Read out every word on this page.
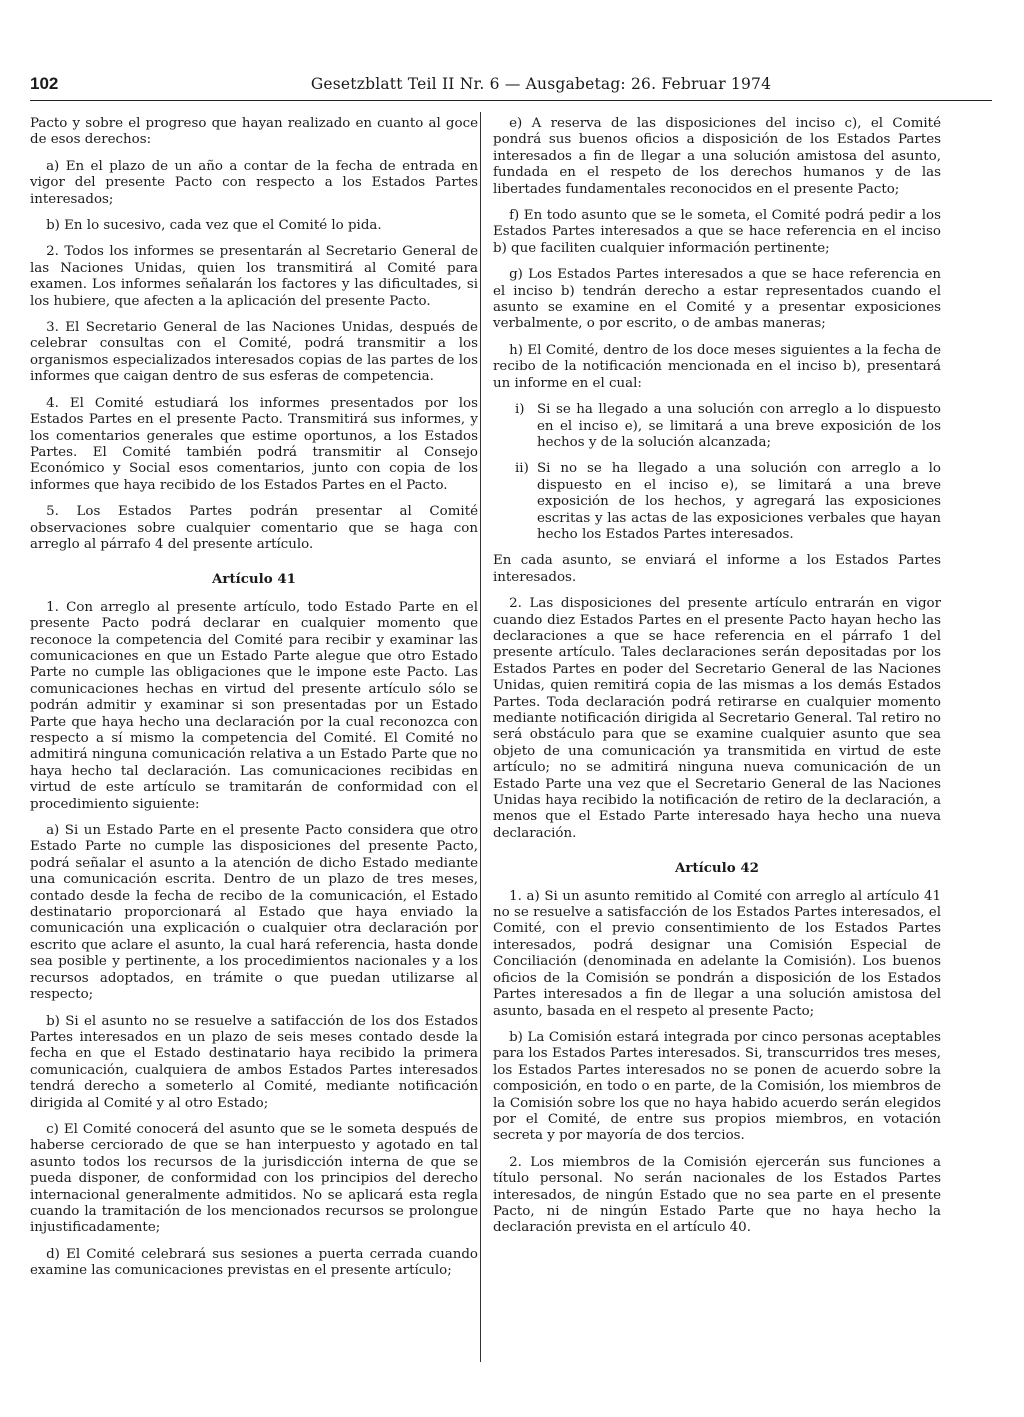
102	Gesetzblatt Teil II Nr. 6 — Ausgabetag: 26. Februar 1974

Pacto y sobre el progreso que hayan realizado en cuanto al goce de esos derechos:

a) En el plazo de un año a contar de la fecha de entrada en vigor del presente Pacto con respecto a los Estados Partes interesados;

b) En lo sucesivo, cada vez que el Comité lo pida.

2. Todos los informes se presentarán al Secretario General de las Naciones Unidas, quien los transmitirá al Comité para examen. Los informes señalarán los factores y las dificultades, si los hubiere, que afecten a la aplicación del presente Pacto.

3. El Secretario General de las Naciones Unidas, después de celebrar consultas con el Comité, podrá transmitir a los organismos especializados interesados copias de las partes de los informes que caigan dentro de sus esferas de competencia.

4. El Comité estudiará los informes presentados por los Estados Partes en el presente Pacto. Transmitirá sus informes, y los comentarios generales que estime oportunos, a los Estados Partes. El Comité también podrá transmitir al Consejo Económico y Social esos comentarios, junto con copia de los informes que haya recibido de los Estados Partes en el Pacto.

5. Los Estados Partes podrán presentar al Comité observaciones sobre cualquier comentario que se haga con arreglo al párrafo 4 del presente artículo.

Artículo 41

1. Con arreglo al presente artículo, todo Estado Parte en el presente Pacto podrá declarar en cualquier momento que reconoce la competencia del Comité para recibir y examinar las comunicaciones en que un Estado Parte alegue que otro Estado Parte no cumple las obligaciones que le impone este Pacto. Las comunicaciones hechas en virtud del presente artículo sólo se podrán admitir y examinar si son presentadas por un Estado Parte que haya hecho una declaración por la cual reconozca con respecto a sí mismo la competencia del Comité. El Comité no admitirá ninguna comunicación relativa a un Estado Parte que no haya hecho tal declaración. Las comunicaciones recibidas en virtud de este artículo se tramitarán de conformidad con el procedimiento siguiente:

a) Si un Estado Parte en el presente Pacto considera que otro Estado Parte no cumple las disposiciones del presente Pacto, podrá señalar el asunto a la atención de dicho Estado mediante una comunicación escrita. Dentro de un plazo de tres meses, contado desde la fecha de recibo de la comunicación, el Estado destinatario proporcionará al Estado que haya enviado la comunicación una explicación o cualquier otra declaración por escrito que aclare el asunto, la cual hará referencia, hasta donde sea posible y pertinente, a los procedimientos nacionales y a los recursos adoptados, en trámite o que puedan utilizarse al respecto;

b) Si el asunto no se resuelve a satifacción de los dos Estados Partes interesados en un plazo de seis meses contado desde la fecha en que el Estado destinatario haya recibido la primera comunicación, cualquiera de ambos Estados Partes interesados tendrá derecho a someterlo al Comité, mediante notificación dirigida al Comité y al otro Estado;

c) El Comité conocerá del asunto que se le someta después de haberse cerciorado de que se han interpuesto y agotado en tal asunto todos los recursos de la jurisdicción interna de que se pueda disponer, de conformidad con los principios del derecho internacional generalmente admitidos. No se aplicará esta regla cuando la tramitación de los mencionados recursos se prolongue injustificadamente;

d) El Comité celebrará sus sesiones a puerta cerrada cuando examine las comunicaciones previstas en el presente artículo;

e) A reserva de las disposiciones del inciso c), el Comité pondrá sus buenos oficios a disposición de los Estados Partes interesados a fin de llegar a una solución amistosa del asunto, fundada en el respeto de los derechos humanos y de las libertades fundamentales reconocidos en el presente Pacto;

f) En todo asunto que se le someta, el Comité podrá pedir a los Estados Partes interesados a que se hace referencia en el inciso b) que faciliten cualquier información pertinente;

g) Los Estados Partes interesados a que se hace referencia en el inciso b) tendrán derecho a estar representados cuando el asunto se examine en el Comité y a presentar exposiciones verbalmente, o por escrito, o de ambas maneras;

h) El Comité, dentro de los doce meses siguientes a la fecha de recibo de la notificación mencionada en el inciso b), presentará un informe en el cual:

i) Si se ha llegado a una solución con arreglo a lo dispuesto en el inciso e), se limitará a una breve exposición de los hechos y de la solución alcanzada;

ii) Si no se ha llegado a una solución con arreglo a lo dispuesto en el inciso e), se limitará a una breve exposición de los hechos, y agregará las exposiciones escritas y las actas de las exposiciones verbales que hayan hecho los Estados Partes interesados.

En cada asunto, se enviará el informe a los Estados Partes interesados.

2. Las disposiciones del presente artículo entrarán en vigor cuando diez Estados Partes en el presente Pacto hayan hecho las declaraciones a que se hace referencia en el párrafo 1 del presente artículo. Tales declaraciones serán depositadas por los Estados Partes en poder del Secretario General de las Naciones Unidas, quien remitirá copia de las mismas a los demás Estados Partes. Toda declaración podrá retirarse en cualquier momento mediante notificación dirigida al Secretario General. Tal retiro no será obstáculo para que se examine cualquier asunto que sea objeto de una comunicación ya transmitida en virtud de este artículo; no se admitirá ninguna nueva comunicación de un Estado Parte una vez que el Secretario General de las Naciones Unidas haya recibido la notificación de retiro de la declaración, a menos que el Estado Parte interesado haya hecho una nueva declaración.

Artículo 42

1. a) Si un asunto remitido al Comité con arreglo al artículo 41 no se resuelve a satisfacción de los Estados Partes interesados, el Comité, con el previo consentimiento de los Estados Partes interesados, podrá designar una Comisión Especial de Conciliación (denominada en adelante la Comisión). Los buenos oficios de la Comisión se pondrán a disposición de los Estados Partes interesados a fin de llegar a una solución amistosa del asunto, basada en el respeto al presente Pacto;

b) La Comisión estará integrada por cinco personas aceptables para los Estados Partes interesados. Si, transcurridos tres meses, los Estados Partes interesados no se ponen de acuerdo sobre la composición, en todo o en parte, de la Comisión, los miembros de la Comisión sobre los que no haya habido acuerdo serán elegidos por el Comité, de entre sus propios miembros, en votación secreta y por mayoría de dos tercios.

2. Los miembros de la Comisión ejercerán sus funciones a título personal. No serán nacionales de los Estados Partes interesados, de ningún Estado que no sea parte en el presente Pacto, ni de ningún Estado Parte que no haya hecho la declaración prevista en el artículo 40.
